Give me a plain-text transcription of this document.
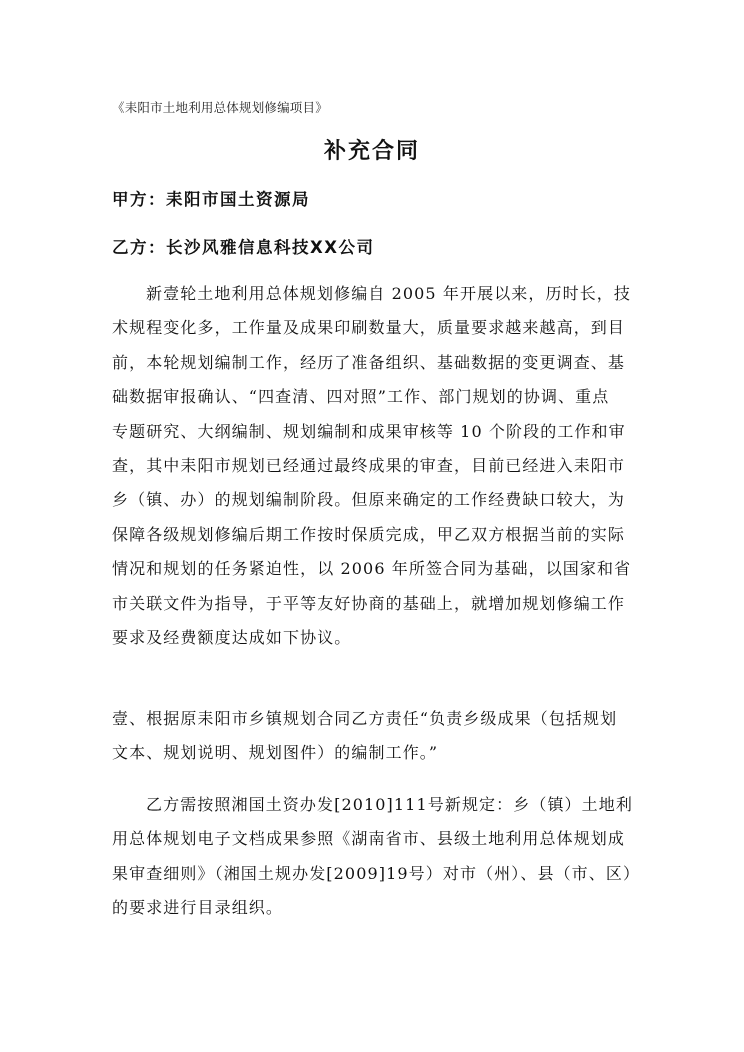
《耒阳市土地利用总体规划修编项目》
补充合同
甲方：耒阳市国土资源局
乙方：长沙风雅信息科技XX公司
新壹轮土地利用总体规划修编自 2005 年开展以来，历时长，技
术规程变化多，工作量及成果印刷数量大，质量要求越来越高，到目
前，本轮规划编制工作，经历了准备组织、基础数据的变更调查、基
础数据审报确认、“四查清、四对照”工作、部门规划的协调、重点
专题研究、大纲编制、规划编制和成果审核等 10 个阶段的工作和审
查，其中耒阳市规划已经通过最终成果的审查，目前已经进入耒阳市
乡（镇、办）的规划编制阶段。但原来确定的工作经费缺口较大，为
保障各级规划修编后期工作按时保质完成，甲乙双方根据当前的实际
情况和规划的任务紧迫性，以 2006 年所签合同为基础，以国家和省
市关联文件为指导，于平等友好协商的基础上，就增加规划修编工作
要求及经费额度达成如下协议。
壹、根据原耒阳市乡镇规划合同乙方责任“负责乡级成果（包括规划
文本、规划说明、规划图件）的编制工作。”
乙方需按照湘国土资办发[2010]111号新规定：乡（镇）土地利
用总体规划电子文档成果参照《湖南省市、县级土地利用总体规划成
果审查细则》（湘国土规办发[2009]19号）对市（州）、县（市、区）
的要求进行目录组织。
